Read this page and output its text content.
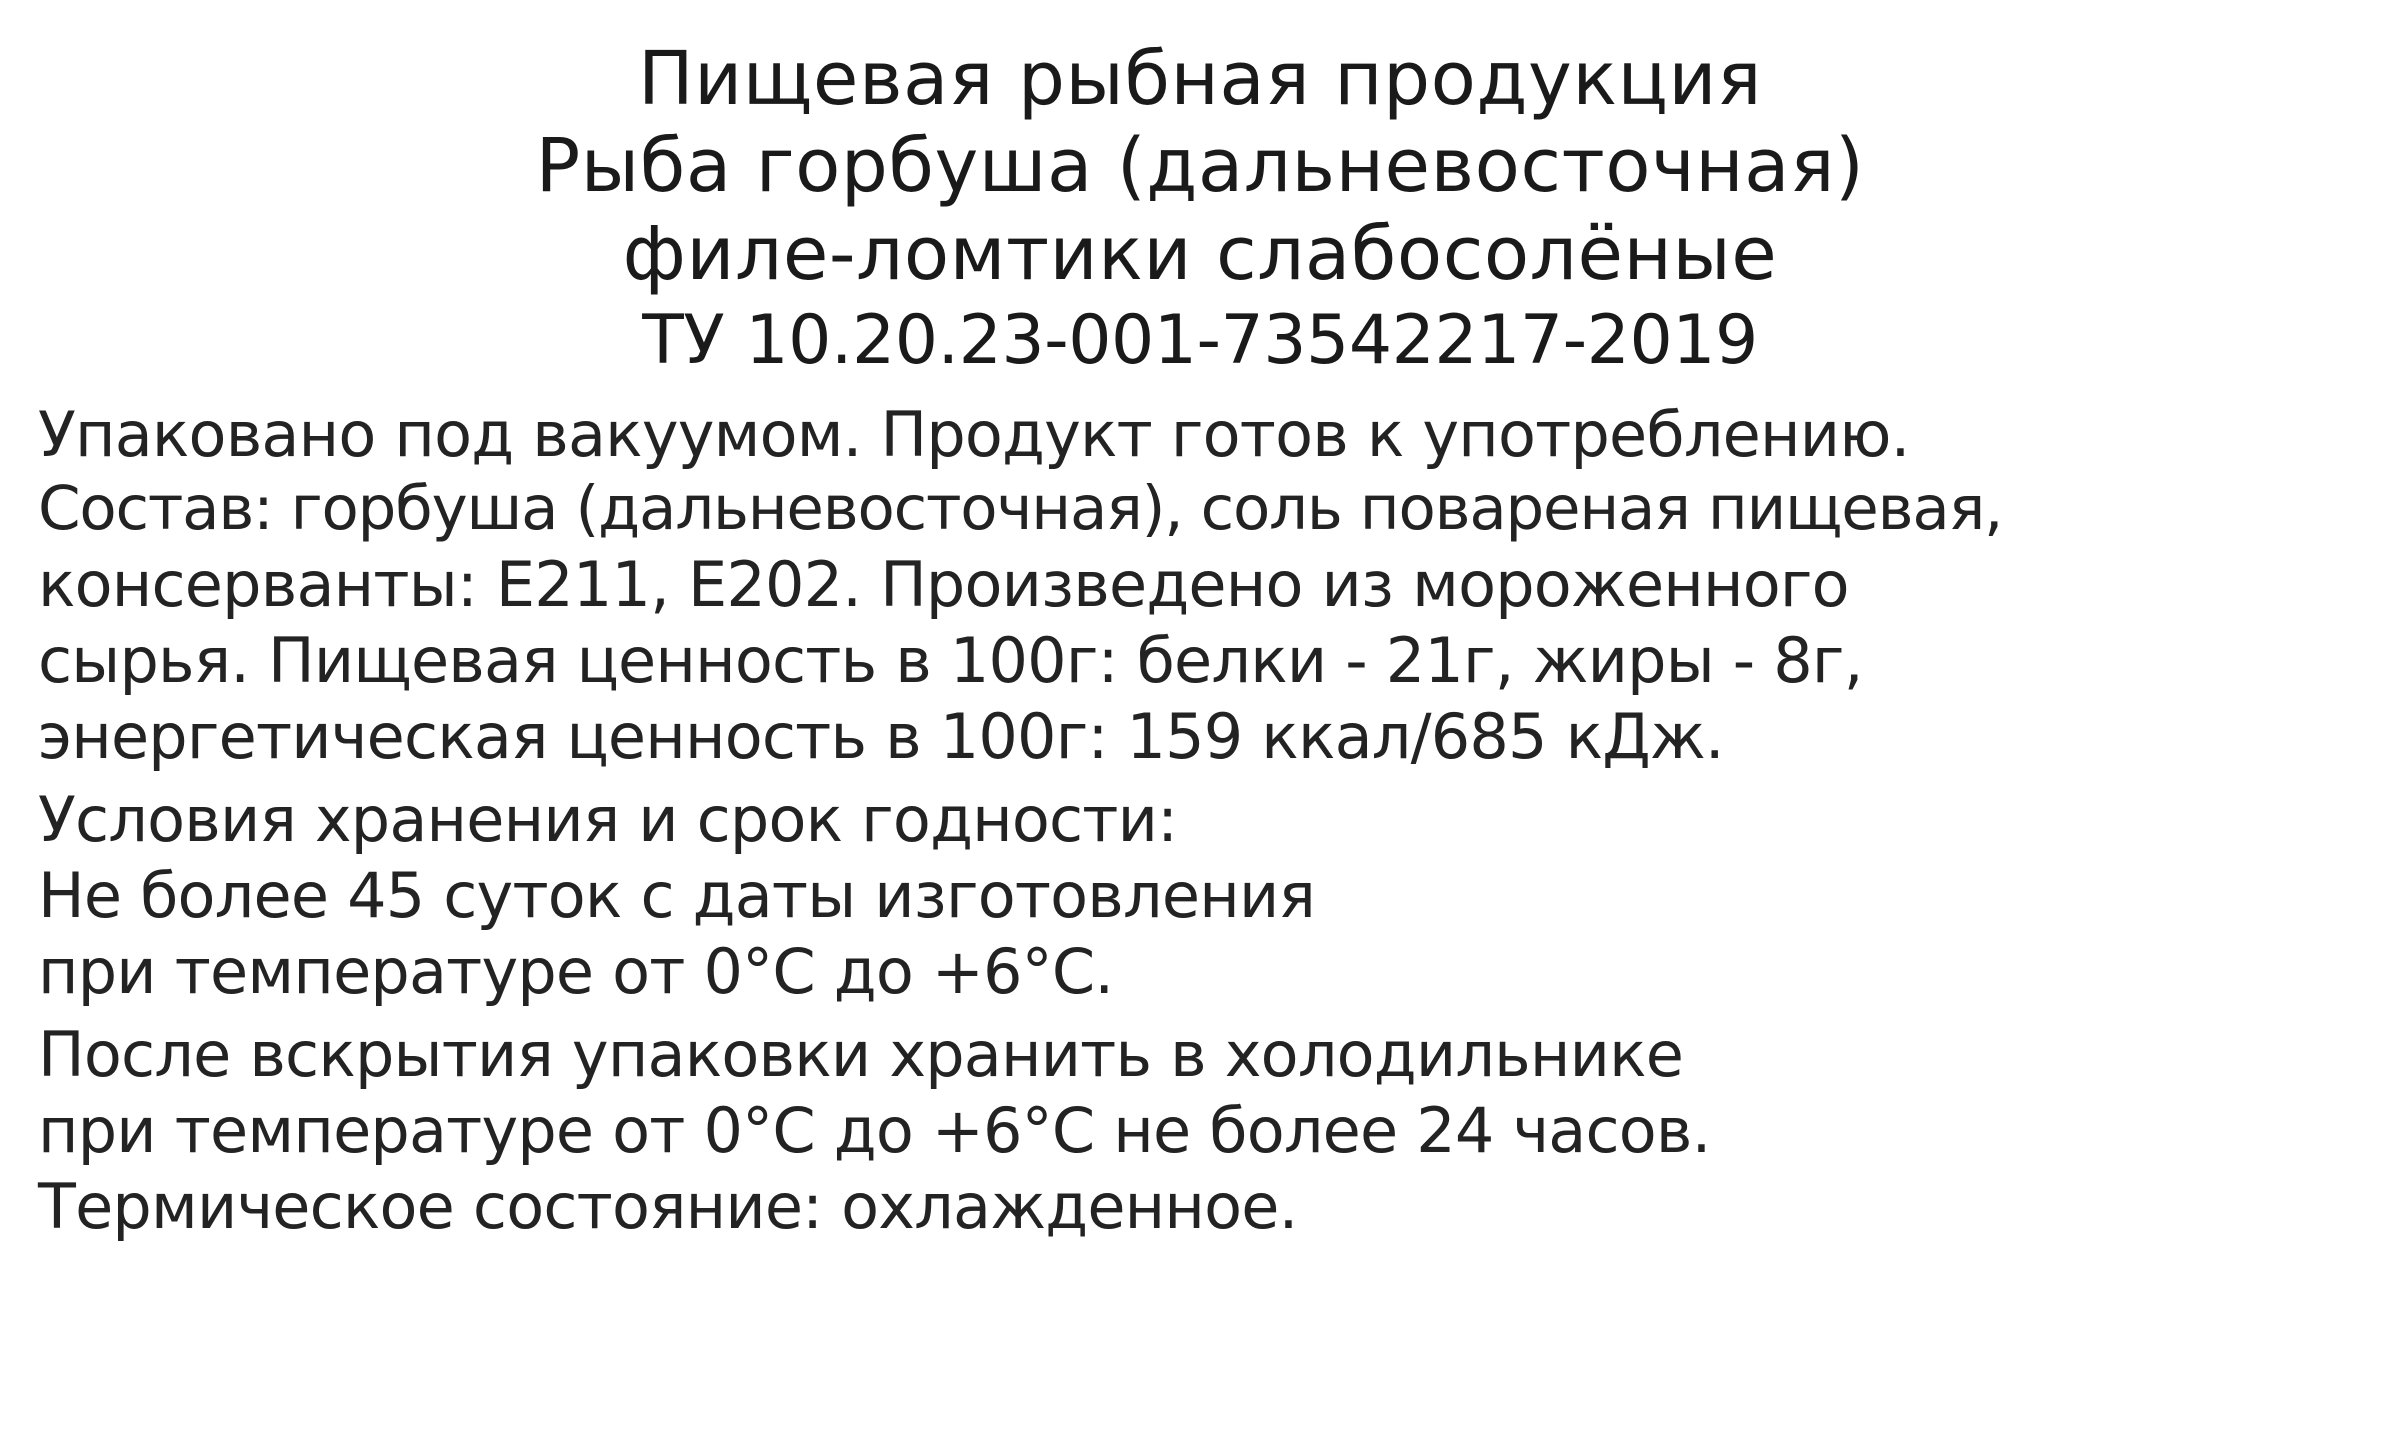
Пищевая рыбная продукция
Рыба горбуша (дальневосточная)
филе-ломтики слабосолёные
ТУ 10.20.23-001-73542217-2019
Упаковано под вакуумом. Продукт готов к употреблению.
Состав: горбуша (дальневосточная), соль повареная пищевая,
консерванты: Е211, Е202. Произведено из мороженного
сырья. Пищевая ценность в 100г: белки - 21г, жиры - 8г,
энергетическая ценность в 100г: 159 ккал/685 кДж.
Условия хранения и срок годности:
Не более 45 суток с даты изготовления
при температуре от 0°С до +6°С.
После вскрытия упаковки хранить в холодильнике
при температуре от 0°С до +6°С не более 24 часов.
Термическое состояние: охлажденное.
